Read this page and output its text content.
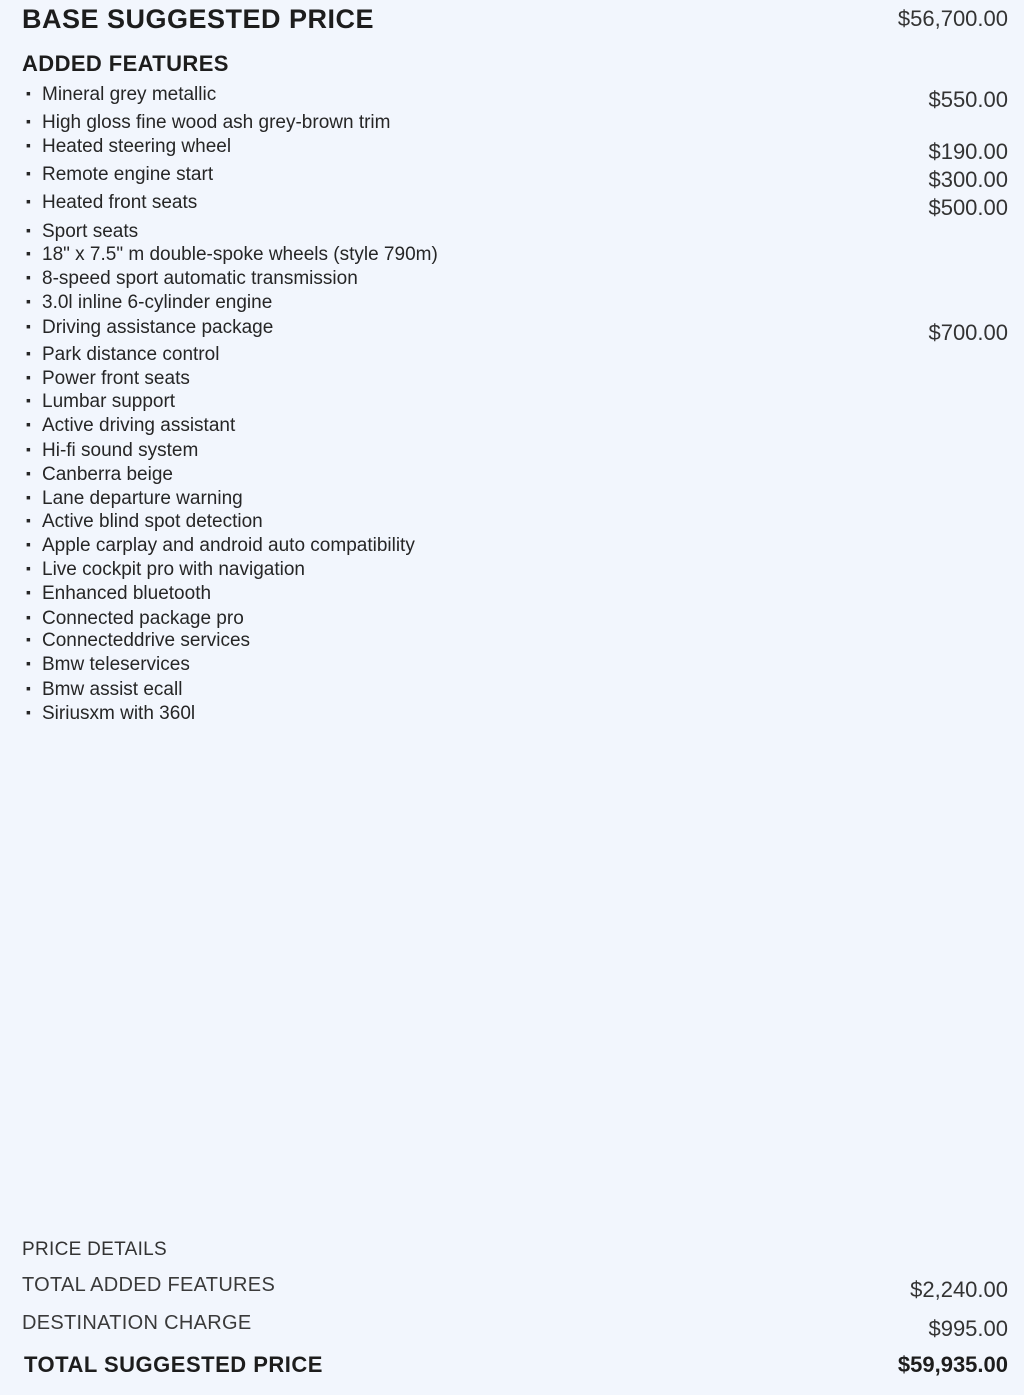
BASE SUGGESTED PRICE	$56,700.00
ADDED FEATURES
▪ Mineral grey metallic	$550.00
▪ High gloss fine wood ash grey-brown trim
▪ Heated steering wheel	$190.00
▪ Remote engine start	$300.00
▪ Heated front seats	$500.00
▪ Sport seats
▪ 18" x 7.5" m double-spoke wheels (style 790m)
▪ 8-speed sport automatic transmission
▪ 3.0l inline 6-cylinder engine
▪ Driving assistance package	$700.00
▪ Park distance control
▪ Power front seats
▪ Lumbar support
▪ Active driving assistant
▪ Hi-fi sound system
▪ Canberra beige
▪ Lane departure warning
▪ Active blind spot detection
▪ Apple carplay and android auto compatibility
▪ Live cockpit pro with navigation
▪ Enhanced bluetooth
▪ Connected package pro
▪ Connecteddrive services
▪ Bmw teleservices
▪ Bmw assist ecall
▪ Siriusxm with 360l
PRICE DETAILS
TOTAL ADDED FEATURES	$2,240.00
DESTINATION CHARGE	$995.00
TOTAL SUGGESTED PRICE	$59,935.00
